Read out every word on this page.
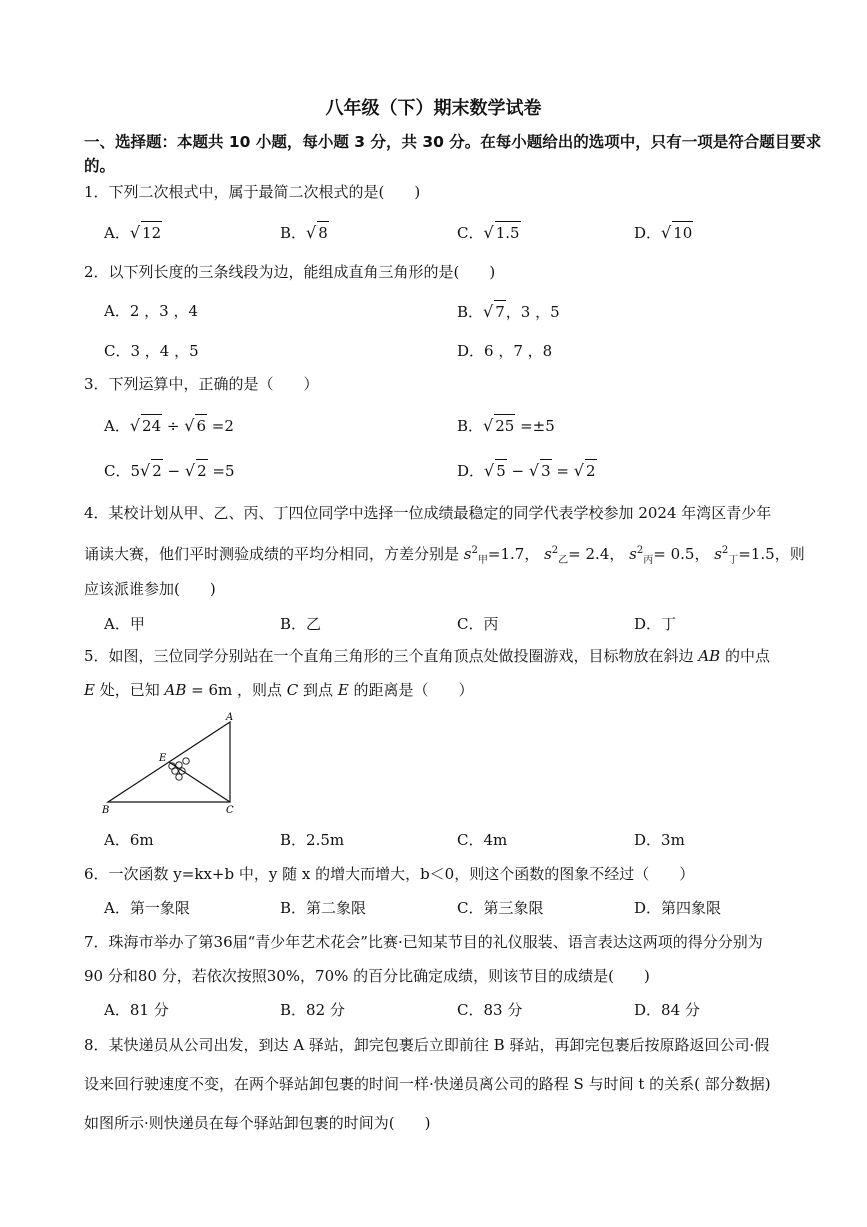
八年级（下）期末数学试卷
一、选择题：本题共 10 小题，每小题 3 分，共 30 分。在每小题给出的选项中，只有一项是符合题目要求的。
1．下列二次根式中，属于最简二次根式的是(　　)
A．√ 12	B．√ 8	C．√ 1.5	D．√ 10
2．以下列长度的三条线段为边，能组成直角三角形的是(　　)
A．2 ，3 ，4	B．√ 7，3 ，5
C．3 ，4 ，5	D．6 ，7 ，8
3．下列运算中，正确的是（　　）
A．√ 24 ÷ √ 6 =2	B．√ 25 =±5
C．5√ 2 − √ 2 =5	D．√ 5 − √ 3 = √ 2
4．某校计划从甲、乙、丙、丁四位同学中选择一位成绩最稳定的同学代表学校参加 2024 年湾区青少年
诵读大赛，他们平时测验成绩的平均分相同，方差分别是 $s^2_甲=1.7$， $s^2_乙= 2.4$， $s^2_丙= 0.5$， $s^2_丁=1.5$，则
应该派谁参加(　　)
A．甲	B．乙	C．丙	D．丁
5．如图，三位同学分别站在一个直角三角形的三个直角顶点处做投圈游戏，目标物放在斜边 AB 的中点
E 处，已知 AB = 6m ，则点 C 到点 E 的距离是（　　）
A
B	C
E
A．6m	B．2.5m	C．4m	D．3m
6．一次函数 y=kx+b 中，y 随 x 的增大而增大，b＜0，则这个函数的图象不经过（　　）
A．第一象限	B．第二象限	C．第三象限	D．第四象限
7．珠海市举办了第36届“青少年艺术花会”比赛·已知某节目的礼仪服装、语言表达这两项的得分分别为
90 分和80 分，若依次按照30%，70% 的百分比确定成绩，则该节目的成绩是(　　)
A．81 分	B．82 分	C．83 分	D．84 分
8．某快递员从公司出发，到达 A 驿站，卸完包裹后立即前往 B 驿站，再卸完包裹后按原路返回公司·假
设来回行驶速度不变，在两个驿站卸包裹的时间一样·快递员离公司的路程 S 与时间 t 的关系( 部分数据)
如图所示·则快递员在每个驿站卸包裹的时间为(　　)
